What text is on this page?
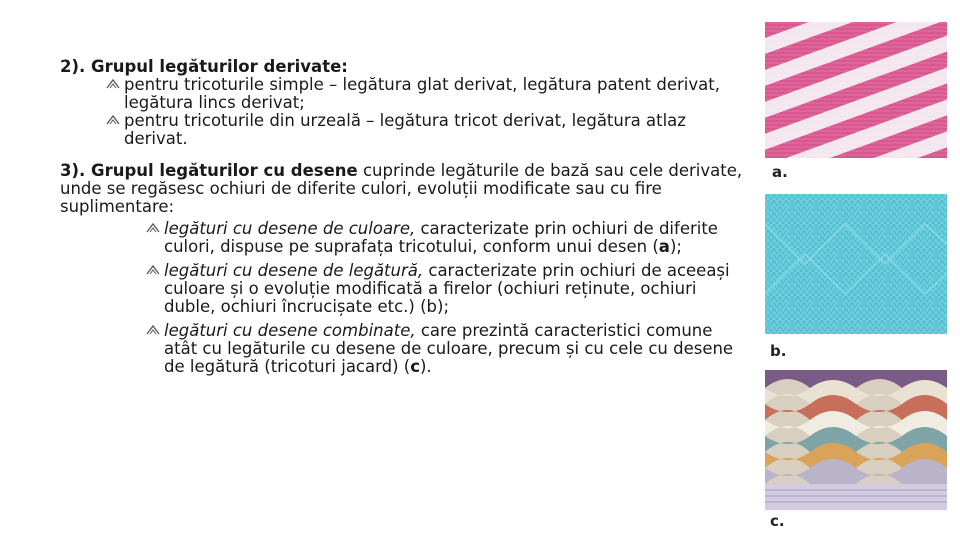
2). Grupul legăturilor derivate:

pentru tricoturile simple – legătura glat derivat, legătura patent derivat, legătura lincs derivat;
pentru tricoturile din urzeală – legătura tricot derivat, legătura atlaz derivat.

3). Grupul legăturilor cu desene cuprinde legăturile de bază sau cele derivate, unde se regăsesc ochiuri de diferite culori, evoluții modificate sau cu fire suplimentare:

legături cu desene de culoare, caracterizate prin ochiuri de diferite culori, dispuse pe suprafața tricotului, conform unui desen (a);
legături cu desene de legătură, caracterizate prin ochiuri de aceeași culoare și o evoluție modificată a firelor (ochiuri reținute, ochiuri duble, ochiuri încrucișate etc.) (b);
legături cu desene combinate, care prezintă caracteristici comune atât cu legăturile cu desene de culoare, precum și cu cele cu desene de legătură (tricoturi jacard) (c).
a.
b.
c.
